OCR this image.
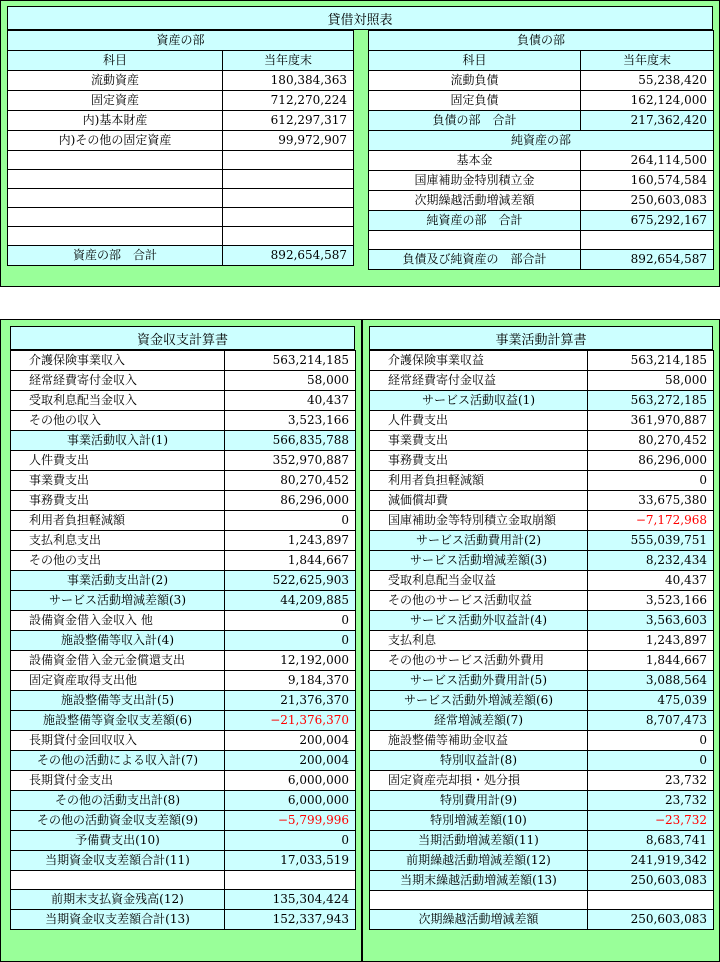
貸借対照表
資産の部	
科目	当年度末
流動資産	180,384,363
固定資産	712,270,224
内)基本財産	612,297,317
内)その他の固定資産	99,972,907

資産の部　合計	892,654,587
負債の部	
科目	当年度末
流動負債	55,238,420
固定負債	162,124,000
負債の部　合計	217,362,420
純資産の部	
基本金	264,114,500
国庫補助金特別積立金	160,574,584
次期繰越活動増減差額	250,603,083
純資産の部　合計	675,292,167

負債及び純資産の　部合計	892,654,587
資金収支計算書
介護保険事業収入	563,214,185
経常経費寄付金収入	58,000
受取利息配当金収入	40,437
その他の収入	3,523,166
事業活動収入計(1)	566,835,788
人件費支出	352,970,887
事業費支出	80,270,452
事務費支出	86,296,000
利用者負担軽減額	0
支払利息支出	1,243,897
その他の支出	1,844,667
事業活動支出計(2)	522,625,903
サービス活動増減差額(3)	44,209,885
設備資金借入金収入 他	0
施設整備等収入計(4)	0
設備資金借入金元金償還支出	12,192,000
固定資産取得支出他	9,184,370
施設整備等支出計(5)	21,376,370
施設整備等資金収支差額(6)	−21,376,370
長期貸付金回収収入	200,004
その他の活動による収入計(7)	200,004
長期貸付金支出	6,000,000
その他の活動支出計(8)	6,000,000
その他の活動資金収支差額(9)	−5,799,996
予備費支出(10)	0
当期資金収支差額合計(11)	17,033,519

前期末支払資金残高(12)	135,304,424
当期資金収支差額合計(13)	152,337,943
事業活動計算書
介護保険事業収益	563,214,185
経常経費寄付金収益	58,000
サービス活動収益(1)	563,272,185
人件費支出	361,970,887
事業費支出	80,270,452
事務費支出	86,296,000
利用者負担軽減額	0
減価償却費	33,675,380
国庫補助金等特別積立金取崩額	−7,172,968
サービス活動費用計(2)	555,039,751
サービス活動増減差額(3)	8,232,434
受取利息配当金収益	40,437
その他のサービス活動収益	3,523,166
サービス活動外収益計(4)	3,563,603
支払利息	1,243,897
その他のサービス活動外費用	1,844,667
サービス活動外費用計(5)	3,088,564
サービス活動外増減差額(6)	475,039
経常増減差額(7)	8,707,473
施設整備等補助金収益	0
特別収益計(8)	0
固定資産売却損・処分損	23,732
特別費用計(9)	23,732
特別増減差額(10)	−23,732
当期活動増減差額(11)	8,683,741
前期繰越活動増減差額(12)	241,919,342
当期末繰越活動増減差額(13)	250,603,083

次期繰越活動増減差額	250,603,083
